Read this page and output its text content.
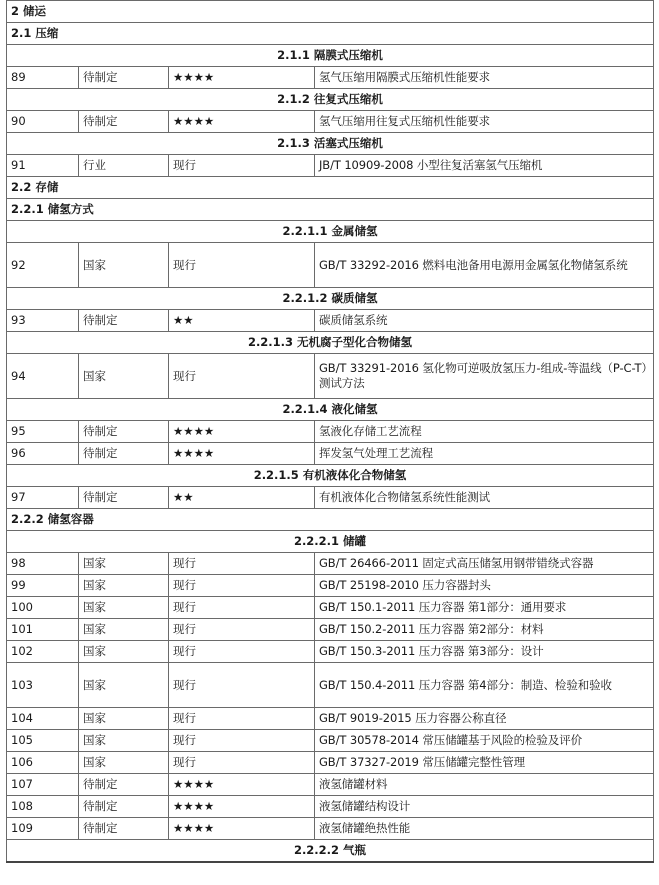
2 储运			
2.1 压缩			
2.1.1 隔膜式压缩机			
89	待制定	★★★★	氢气压缩用隔膜式压缩机性能要求
2.1.2 往复式压缩机			
90	待制定	★★★★	氢气压缩用往复式压缩机性能要求
2.1.3 活塞式压缩机			
91	行业	现行	JB/T 10909-2008 小型往复活塞氢气压缩机
2.2 存储			
2.2.1 储氢方式			
2.2.1.1 金属储氢			
92	国家	现行	GB/T 33292-2016 燃料电池备用电源用金属氢化物储氢系统
2.2.1.2 碳质储氢			
93	待制定	★★	碳质储氢系统
2.2.1.3 无机腐子型化合物储氢			
94	国家	现行	GB/T 33291-2016 氢化物可逆吸放氢压力-组成-等温线（P-C-T）测试方法
2.2.1.4 液化储氢			
95	待制定	★★★★	氢液化存储工艺流程
96	待制定	★★★★	挥发氢气处理工艺流程
2.2.1.5 有机液体化合物储氢			
97	待制定	★★	有机液体化合物储氢系统性能测试
2.2.2 储氢容器			
2.2.2.1 储罐			
98	国家	现行	GB/T 26466-2011 固定式高压储氢用钢带错绕式容器
99	国家	现行	GB/T 25198-2010 压力容器封头
100	国家	现行	GB/T 150.1-2011 压力容器 第1部分：通用要求
101	国家	现行	GB/T 150.2-2011 压力容器 第2部分：材料
102	国家	现行	GB/T 150.3-2011 压力容器 第3部分：设计
103	国家	现行	GB/T 150.4-2011 压力容器 第4部分：制造、检验和验收
104	国家	现行	GB/T 9019-2015 压力容器公称直径
105	国家	现行	GB/T 30578-2014 常压储罐基于风险的检验及评价
106	国家	现行	GB/T 37327-2019 常压储罐完整性管理
107	待制定	★★★★	液氢储罐材料
108	待制定	★★★★	液氢储罐结构设计
109	待制定	★★★★	液氢储罐绝热性能
2.2.2.2 气瓶			
